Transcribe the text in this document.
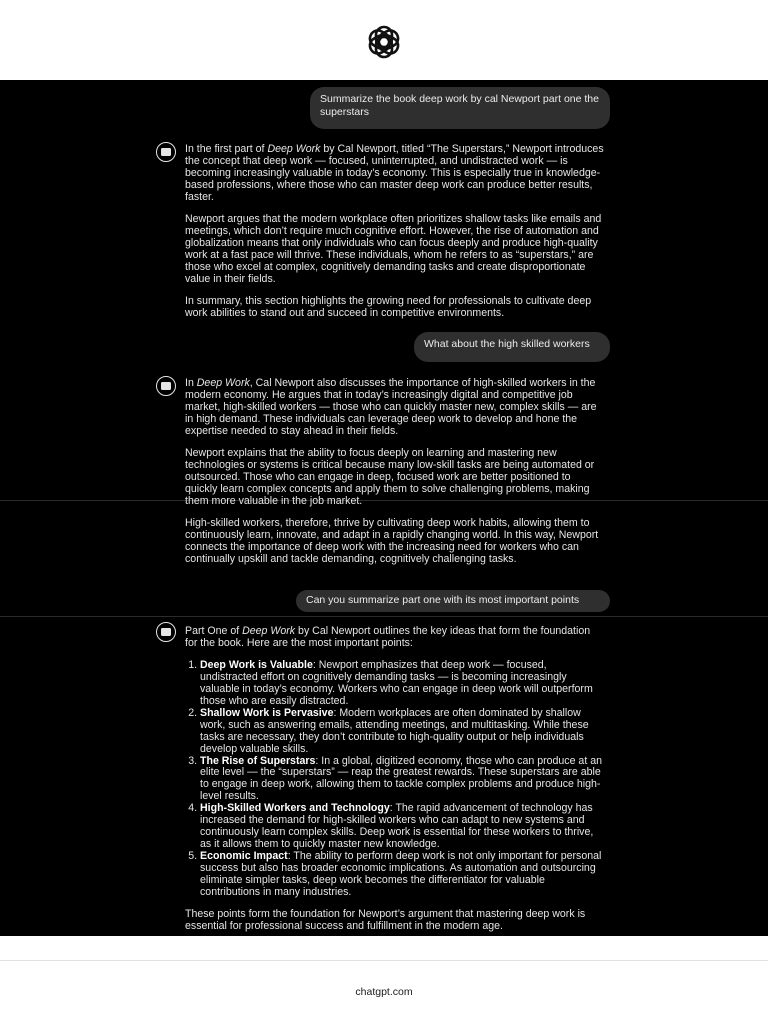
Summarize the book deep work by cal Newport part one the superstars

In the first part of Deep Work by Cal Newport, titled “The Superstars,” Newport introduces the concept that deep work — focused, uninterrupted, and undistracted work — is becoming increasingly valuable in today’s economy. This is especially true in knowledge-based professions, where those who can master deep work can produce better results, faster.

Newport argues that the modern workplace often prioritizes shallow tasks like emails and meetings, which don’t require much cognitive effort. However, the rise of automation and globalization means that only individuals who can focus deeply and produce high-quality work at a fast pace will thrive. These individuals, whom he refers to as “superstars,” are those who excel at complex, cognitively demanding tasks and create disproportionate value in their fields.

In summary, this section highlights the growing need for professionals to cultivate deep work abilities to stand out and succeed in competitive environments.

What about the high skilled workers

In Deep Work, Cal Newport also discusses the importance of high-skilled workers in the modern economy. He argues that in today’s increasingly digital and competitive job market, high-skilled workers — those who can quickly master new, complex skills — are in high demand. These individuals can leverage deep work to develop and hone the expertise needed to stay ahead in their fields.

Newport explains that the ability to focus deeply on learning and mastering new technologies or systems is critical because many low-skill tasks are being automated or outsourced. Those who can engage in deep, focused work are better positioned to quickly learn complex concepts and apply them to solve challenging problems, making them more valuable in the job market.

High-skilled workers, therefore, thrive by cultivating deep work habits, allowing them to continuously learn, innovate, and adapt in a rapidly changing world. In this way, Newport connects the importance of deep work with the increasing need for workers who can continually upskill and tackle demanding, cognitively challenging tasks.

Can you summarize part one with its most important points

Part One of Deep Work by Cal Newport outlines the key ideas that form the foundation for the book. Here are the most important points:

1. Deep Work is Valuable: Newport emphasizes that deep work — focused, undistracted effort on cognitively demanding tasks — is becoming increasingly valuable in today’s economy. Workers who can engage in deep work will outperform those who are easily distracted.
2. Shallow Work is Pervasive: Modern workplaces are often dominated by shallow work, such as answering emails, attending meetings, and multitasking. While these tasks are necessary, they don’t contribute to high-quality output or help individuals develop valuable skills.
3. The Rise of Superstars: In a global, digitized economy, those who can produce at an elite level — the “superstars” — reap the greatest rewards. These superstars are able to engage in deep work, allowing them to tackle complex problems and produce high-level results.
4. High-Skilled Workers and Technology: The rapid advancement of technology has increased the demand for high-skilled workers who can adapt to new systems and continuously learn complex skills. Deep work is essential for these workers to thrive, as it allows them to quickly master new knowledge.
5. Economic Impact: The ability to perform deep work is not only important for personal success but also has broader economic implications. As automation and outsourcing eliminate simpler tasks, deep work becomes the differentiator for valuable contributions in many industries.

These points form the foundation for Newport’s argument that mastering deep work is essential for professional success and fulfillment in the modern age.

chatgpt.com
